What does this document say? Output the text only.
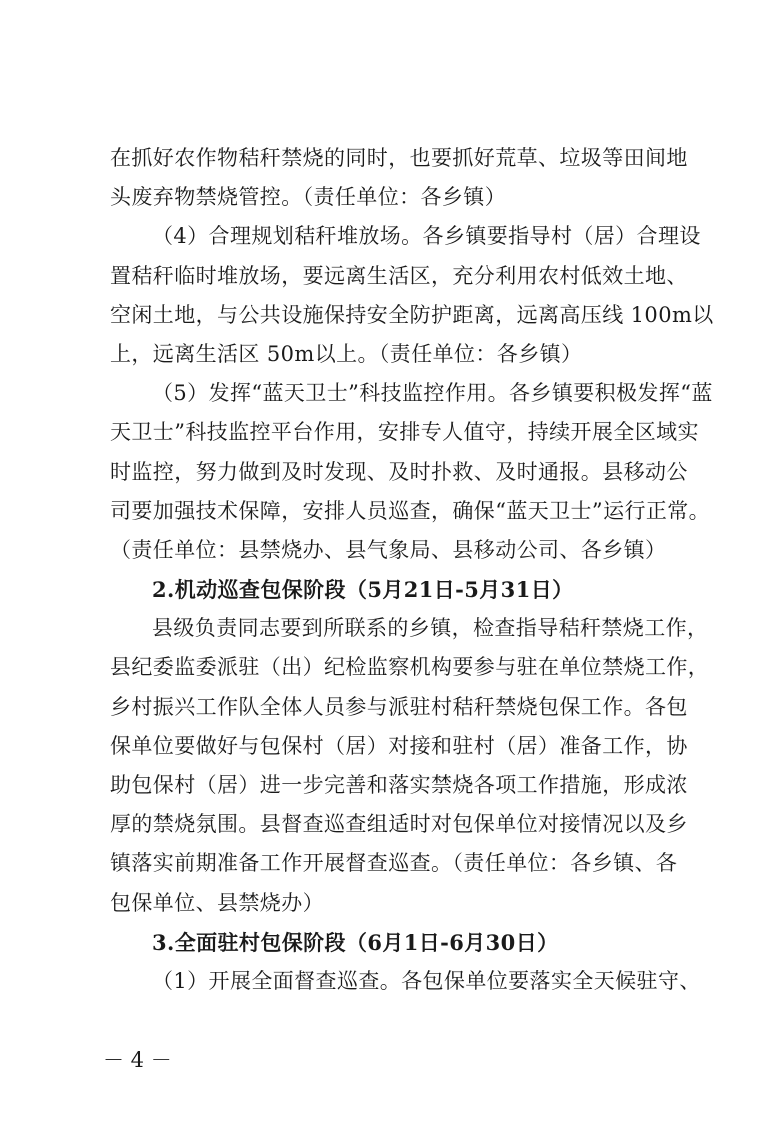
在抓好农作物秸秆禁烧的同时，也要抓好荒草、垃圾等田间地
头废弃物禁烧管控。（责任单位：各乡镇）
（4）合理规划秸秆堆放场。各乡镇要指导村（居）合理设
置秸秆临时堆放场，要远离生活区，充分利用农村低效土地、
空闲土地，与公共设施保持安全防护距离，远离高压线 100m以
上，远离生活区 50m以上。（责任单位：各乡镇）
（5）发挥“蓝天卫士”科技监控作用。各乡镇要积极发挥“蓝
天卫士”科技监控平台作用，安排专人值守，持续开展全区域实
时监控，努力做到及时发现、及时扑救、及时通报。县移动公
司要加强技术保障，安排人员巡查，确保“蓝天卫士”运行正常。
（责任单位：县禁烧办、县气象局、县移动公司、各乡镇）
2.机动巡查包保阶段（5月21日-5月31日）
县级负责同志要到所联系的乡镇，检查指导秸秆禁烧工作，
县纪委监委派驻（出）纪检监察机构要参与驻在单位禁烧工作，
乡村振兴工作队全体人员参与派驻村秸秆禁烧包保工作。各包
保单位要做好与包保村（居）对接和驻村（居）准备工作，协
助包保村（居）进一步完善和落实禁烧各项工作措施，形成浓
厚的禁烧氛围。县督查巡查组适时对包保单位对接情况以及乡
镇落实前期准备工作开展督查巡查。（责任单位：各乡镇、各
包保单位、县禁烧办）
3.全面驻村包保阶段（6月1日-6月30日）
（1）开展全面督查巡查。各包保单位要落实全天候驻守、
－ 4 －
